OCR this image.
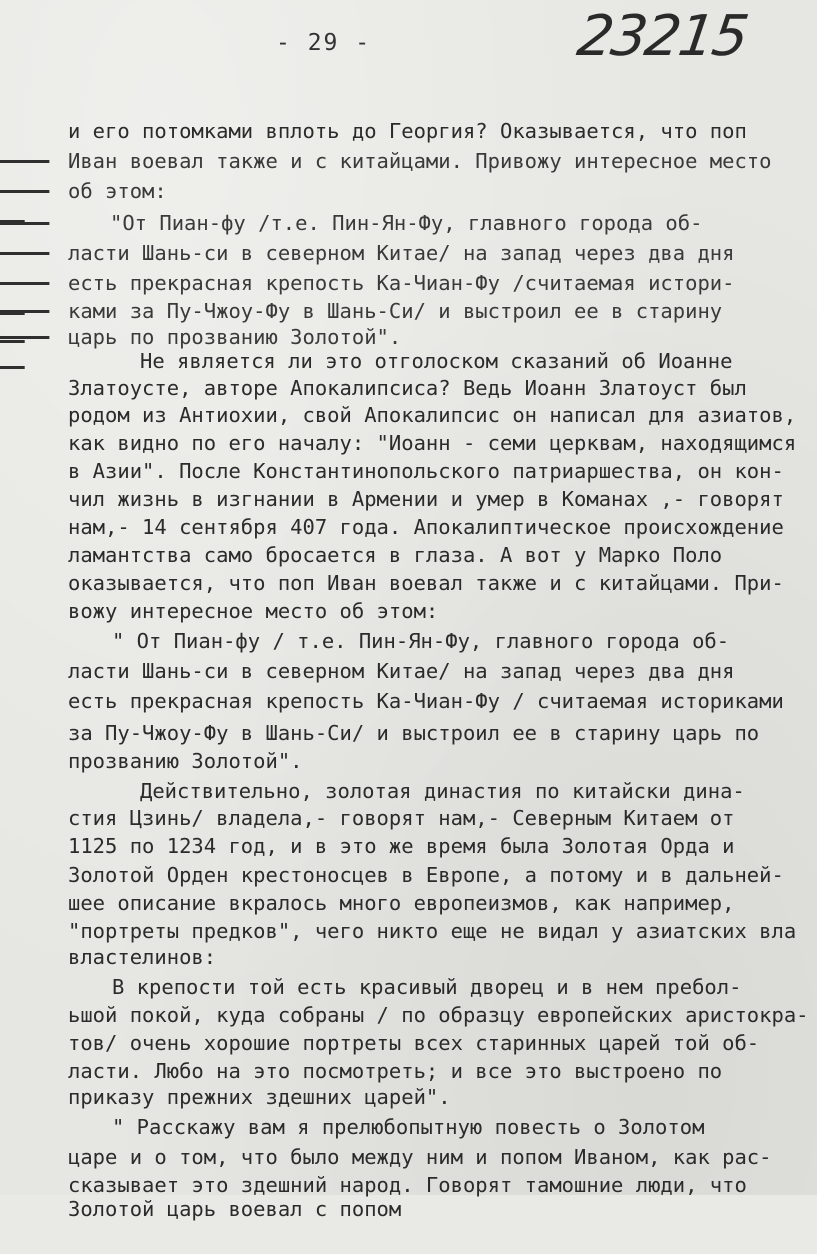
- 29 -	23215

и его потомками вплоть до Георгия? Оказывается, что поп

Иван воевал также и с китайцами. Привожу интересное место

об этом:

"От Пиан-фу /т.е. Пин-Ян-Фу, главного города об-

ласти Шань-си в северном Китае/ на запад через два дня

есть прекрасная крепость Ка-Чиан-Фу /считаемая истори-

ками за Пу-Чжоу-Фу в Шань-Си/ и выстроил ее в старину

царь по прозванию Золотой".

Не является ли это отголоском сказаний об Иоанне

Златоусте, авторе Апокалипсиса? Ведь Иоанн Златоуст был

родом из Антиохии, свой Апокалипсис он написал для азиатов,

как видно по его началу: "Иоанн - семи церквам, находящимся

в Азии". После Константинопольского патриаршества, он кон-

чил жизнь в изгнании в Армении и умер в Команах ,- говорят

нам,- 14 сентября 407 года. Апокалиптическое происхождение

ламантства само бросается в глаза. А вот у Марко Поло

оказывается, что поп Иван воевал также и с китайцами. При-

вожу интересное место об этом:

" От Пиан-фу / т.е. Пин-Ян-Фу, главного города об-

ласти Шань-си в северном Китае/ на запад через два дня

есть прекрасная крепость Ка-Чиан-Фу / считаемая историками

за Пу-Чжоу-Фу в Шань-Си/ и выстроил ее в старину царь по

прозванию Золотой".

Действительно, золотая династия по китайски дина-

стия Цзинь/ владела,- говорят нам,- Северным Китаем от

1125 по 1234 год, и в это же время была Золотая Орда и

Золотой Орден крестоносцев в Европе, а потому и в дальней-

шее описание вкралось много европеизмов, как например,

"портреты предков", чего никто еще не видал у азиатских вла

властелинов:

В крепости той есть красивый дворец и в нем пребол-

ьшой покой, куда собраны / по образцу европейских аристокра-

тов/ очень хорошие портреты всех старинных царей той об-

ласти. Любо на это посмотреть; и все это выстроено по

приказу прежних здешних царей".

" Расскажу вам я прелюбопытную повесть о Золотом

царе и о том, что было между ним и попом Иваном, как рас-

сказывает это здешний народ. Говорят тамошние люди, что

Золотой царь воевал с попом
